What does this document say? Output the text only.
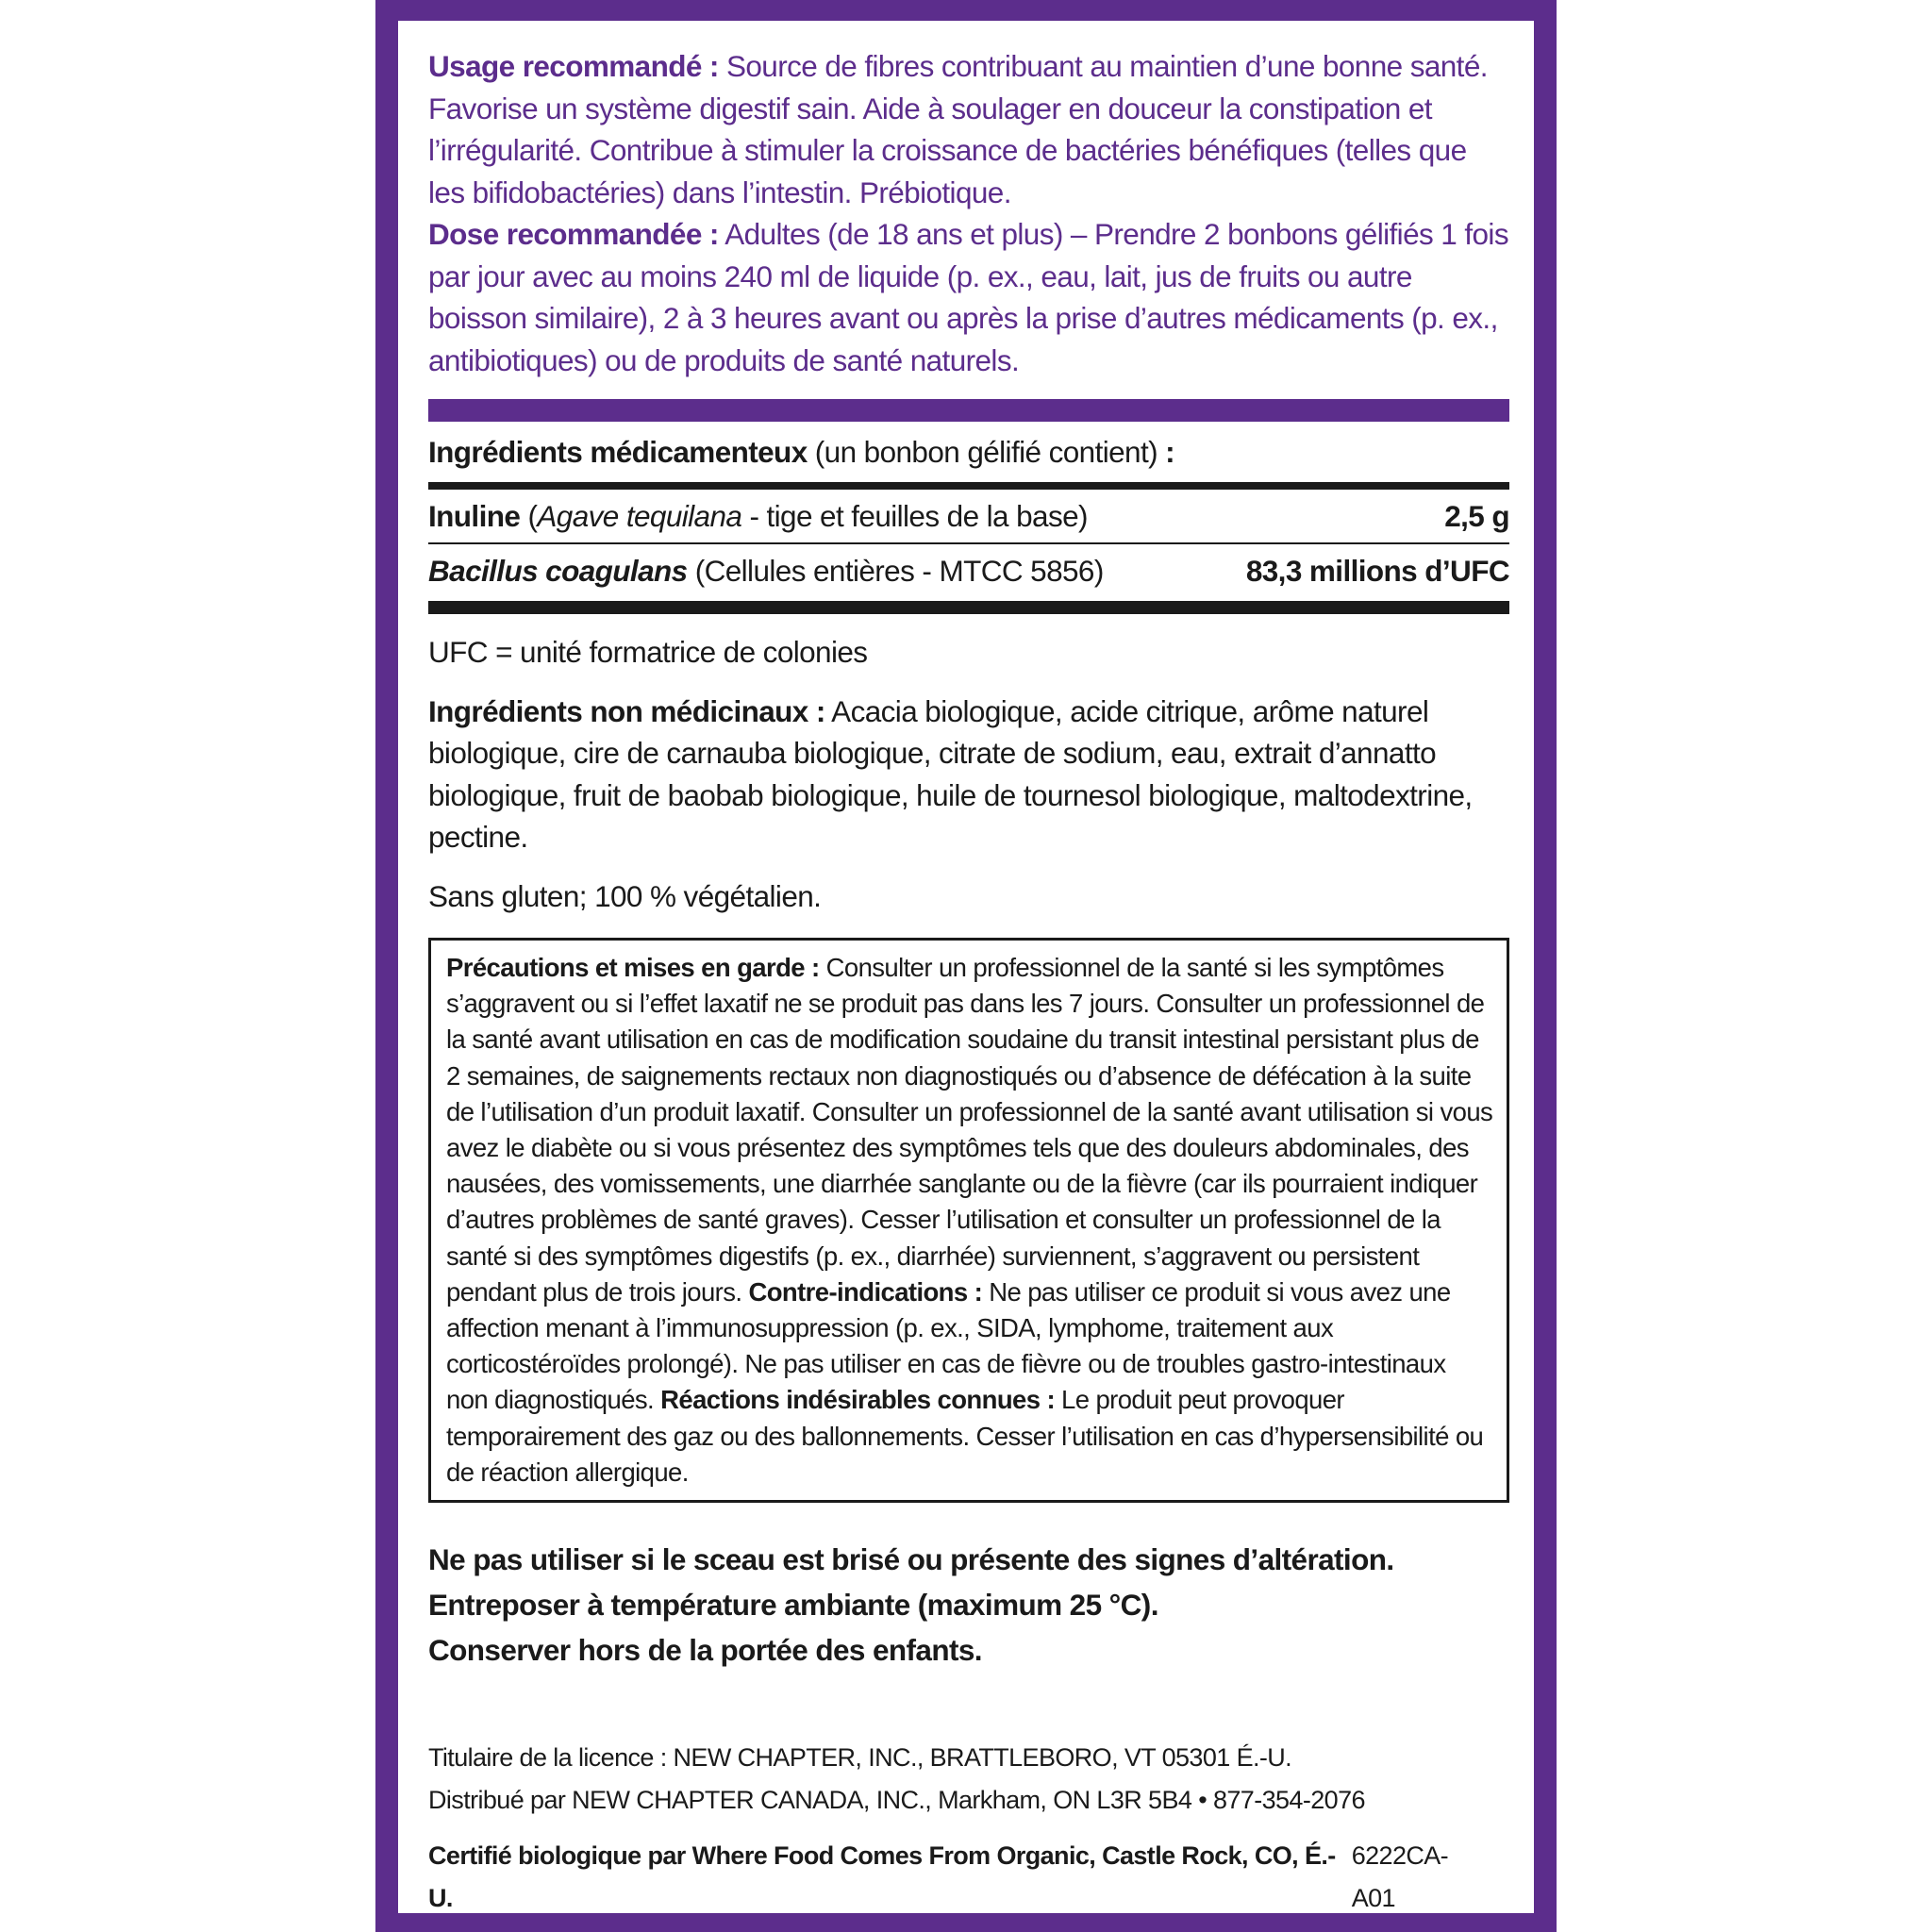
Usage recommandé : Source de fibres contribuant au maintien d’une bonne santé. Favorise un système digestif sain. Aide à soulager en douceur la constipation et l’irrégularité. Contribue à stimuler la croissance de bactéries bénéfiques (telles que les bifidobactéries) dans l’intestin. Prébiotique.

Dose recommandée : Adultes (de 18 ans et plus) – Prendre 2 bonbons gélifiés 1 fois par jour avec au moins 240 ml de liquide (p. ex., eau, lait, jus de fruits ou autre boisson similaire), 2 à 3 heures avant ou après la prise d’autres médicaments (p. ex., antibiotiques) ou de produits de santé naturels.

Ingrédients médicamenteux (un bonbon gélifié contient) :

Inuline (Agave tequilana - tige et feuilles de la base)	2,5 g
Bacillus coagulans (Cellules entières - MTCC 5856)	83,3 millions d’UFC

UFC = unité formatrice de colonies

Ingrédients non médicinaux : Acacia biologique, acide citrique, arôme naturel biologique, cire de carnauba biologique, citrate de sodium, eau, extrait d’annatto biologique, fruit de baobab biologique, huile de tournesol biologique, maltodextrine, pectine.

Sans gluten; 100 % végétalien.

Précautions et mises en garde : Consulter un professionnel de la santé si les symptômes s’aggravent ou si l’effet laxatif ne se produit pas dans les 7 jours. Consulter un professionnel de la santé avant utilisation en cas de modification soudaine du transit intestinal persistant plus de 2 semaines, de saignements rectaux non diagnostiqués ou d’absence de défécation à la suite de l’utilisation d’un produit laxatif. Consulter un professionnel de la santé avant utilisation si vous avez le diabète ou si vous présentez des symptômes tels que des douleurs abdominales, des nausées, des vomissements, une diarrhée sanglante ou de la fièvre (car ils pourraient indiquer d’autres problèmes de santé graves). Cesser l’utilisation et consulter un professionnel de la santé si des symptômes digestifs (p. ex., diarrhée) surviennent, s’aggravent ou persistent pendant plus de trois jours. Contre-indications : Ne pas utiliser ce produit si vous avez une affection menant à l’immunosuppression (p. ex., SIDA, lymphome, traitement aux corticostéroïdes prolongé). Ne pas utiliser en cas de fièvre ou de troubles gastro-intestinaux non diagnostiqués. Réactions indésirables connues : Le produit peut provoquer temporairement des gaz ou des ballonnements. Cesser l’utilisation en cas d’hypersensibilité ou de réaction allergique.

Ne pas utiliser si le sceau est brisé ou présente des signes d’altération.

Entreposer à température ambiante (maximum 25 °C).

Conserver hors de la portée des enfants.

Titulaire de la licence : NEW CHAPTER, INC., BRATTLEBORO, VT 05301 É.-U.

Distribué par NEW CHAPTER CANADA, INC., Markham, ON L3R 5B4 • 877-354-2076

Certifié biologique par Where Food Comes From Organic, Castle Rock, CO, É.-U.
6222CA-A01
